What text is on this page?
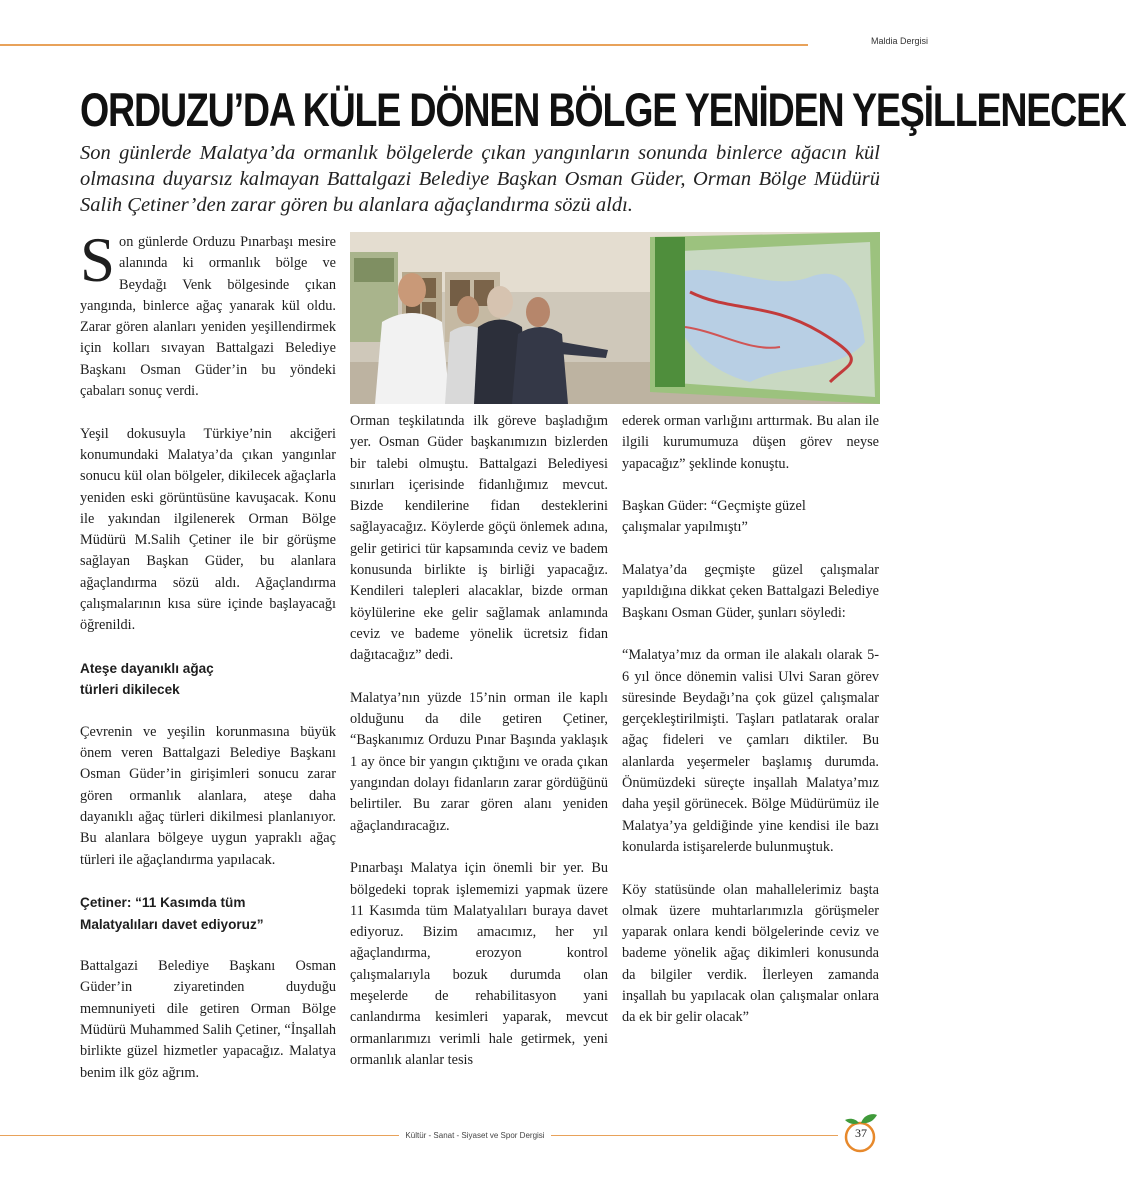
Maldia Dergisi
ORDUZU’DA KÜLE DÖNEN BÖLGE YENİDEN YEŞİLLENECEK

Son günlerde Malatya’da ormanlık bölgelerde çıkan yangınların sonunda binlerce ağacın kül olmasına duyarsız kalmayan Battalgazi Belediye Başkan Osman Güder, Orman Bölge Müdürü Salih Çetiner’den zarar gören bu alanlara ağaçlandırma sözü aldı.

Son günlerde Orduzu Pınarbaşı mesire alanında ki ormanlık bölge ve Beydağı Venk bölgesinde çıkan yangında, binlerce ağaç yanarak kül oldu. Zarar gören alanları yeniden yeşillendirmek için kolları sıvayan Battalgazi Belediye Başkanı Osman Güder’in bu yöndeki çabaları sonuç verdi.

Yeşil dokusuyla Türkiye’nin akciğeri konumundaki Malatya’da çıkan yangınlar sonucu kül olan bölgeler, dikilecek ağaçlarla yeniden eski görüntüsüne kavuşacak. Konu ile yakından ilgilenerek Orman Bölge Müdürü M.Salih Çetiner ile bir görüşme sağlayan Başkan Güder, bu alanlara ağaçlandırma sözü aldı. Ağaçlandırma çalışmalarının kısa süre içinde başlayacağı öğrenildi.

Ateşe dayanıklı ağaç
türleri dikilecek

Çevrenin ve yeşilin korunmasına büyük önem veren Battalgazi Belediye Başkanı Osman Güder’in girişimleri sonucu zarar gören ormanlık alanlara, ateşe daha dayanıklı ağaç türleri dikilmesi planlanıyor. Bu alanlara bölgeye uygun yapraklı ağaç türleri ile ağaçlandırma yapılacak.

Çetiner: “11 Kasımda tüm
Malatyalıları davet ediyoruz”

Battalgazi Belediye Başkanı Osman Güder’in ziyaretinden duyduğu memnuniyeti dile getiren Orman Bölge Müdürü Muhammed Salih Çetiner, “İnşallah birlikte güzel hizmetler yapacağız. Malatya benim ilk göz ağrım.

Orman teşkilatında ilk göreve başladığım yer. Osman Güder başkanımızın bizlerden bir talebi olmuştu. Battalgazi Belediyesi sınırları içerisinde fidanlığımız mevcut. Bizde kendilerine fidan desteklerini sağlayacağız. Köylerde göçü önlemek adına, gelir getirici tür kapsamında ceviz ve badem konusunda birlikte iş birliği yapacağız. Kendileri talepleri alacaklar, bizde orman köylülerine eke gelir sağlamak anlamında ceviz ve bademe yönelik ücretsiz fidan dağıtacağız” dedi.

Malatya’nın yüzde 15’nin orman ile kaplı olduğunu da dile getiren Çetiner, “Başkanımız Orduzu Pınar Başında yaklaşık 1 ay önce bir yangın çıktığını ve orada çıkan yangından dolayı fidanların zarar gördüğünü belirtiler. Bu zarar gören alanı yeniden ağaçlandıracağız.

Pınarbaşı Malatya için önemli bir yer. Bu bölgedeki toprak işlememizi yapmak üzere 11 Kasımda tüm Malatyalıları buraya davet ediyoruz. Bizim amacımız, her yıl ağaçlandırma, erozyon kontrol çalışmalarıyla bozuk durumda olan meşelerde de rehabilitasyon yani canlandırma kesimleri yaparak, mevcut ormanlarımızı verimli hale getirmek, yeni ormanlık alanlar tesis

ederek orman varlığını arttırmak. Bu alan ile ilgili kurumumuza düşen görev neyse yapacağız” şeklinde konuştu.

Başkan Güder: “Geçmişte güzel
çalışmalar yapılmıştı”

Malatya’da geçmişte güzel çalışmalar yapıldığına dikkat çeken Battalgazi Belediye Başkanı Osman Güder, şunları söyledi:

“Malatya’mız da orman ile alakalı olarak 5-6 yıl önce dönemin valisi Ulvi Saran görev süresinde Beydağı’na çok güzel çalışmalar gerçekleştirilmişti. Taşları patlatarak oralar ağaç fideleri ve çamları diktiler. Bu alanlarda yeşermeler başlamış durumda. Önümüzdeki süreçte inşallah Malatya’mız daha yeşil görünecek. Bölge Müdürümüz ile Malatya’ya geldiğinde yine kendisi ile bazı konularda istişarelerde bulunmuştuk.

Köy statüsünde olan mahallelerimiz başta olmak üzere muhtarlarımızla görüşmeler yaparak onlara kendi bölgelerinde ceviz ve bademe yönelik ağaç dikimleri konusunda da bilgiler verdik. İlerleyen zamanda inşallah bu yapılacak olan çalışmalar onlara da ek bir gelir olacak”

Kültür - Sanat - Siyaset ve Spor Dergisi	37
